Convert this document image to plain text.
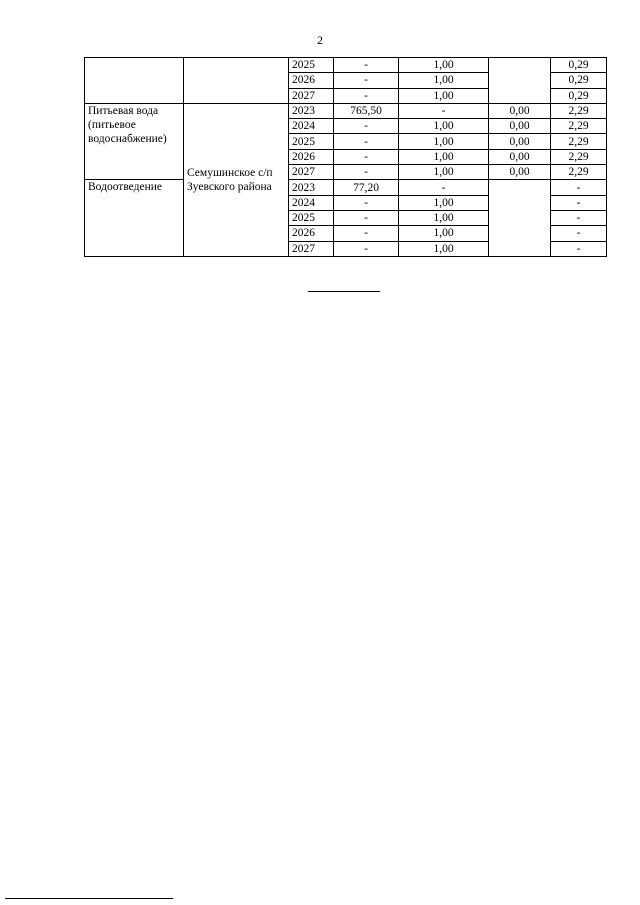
2
		2025	-	1,00		0,29
		2026	-	1,00		0,29
		2027	-	1,00		0,29
Питьевая вода (питьевое водоснабжение)	Семушинское с/п Зуевского района	2023	765,50	-	0,00	2,29
		2024	-	1,00	0,00	2,29
		2025	-	1,00	0,00	2,29
		2026	-	1,00	0,00	2,29
		2027	-	1,00	0,00	2,29
Водоотведение		2023	77,20	-		-
		2024	-	1,00		-
		2025	-	1,00		-
		2026	-	1,00		-
		2027	-	1,00		-
